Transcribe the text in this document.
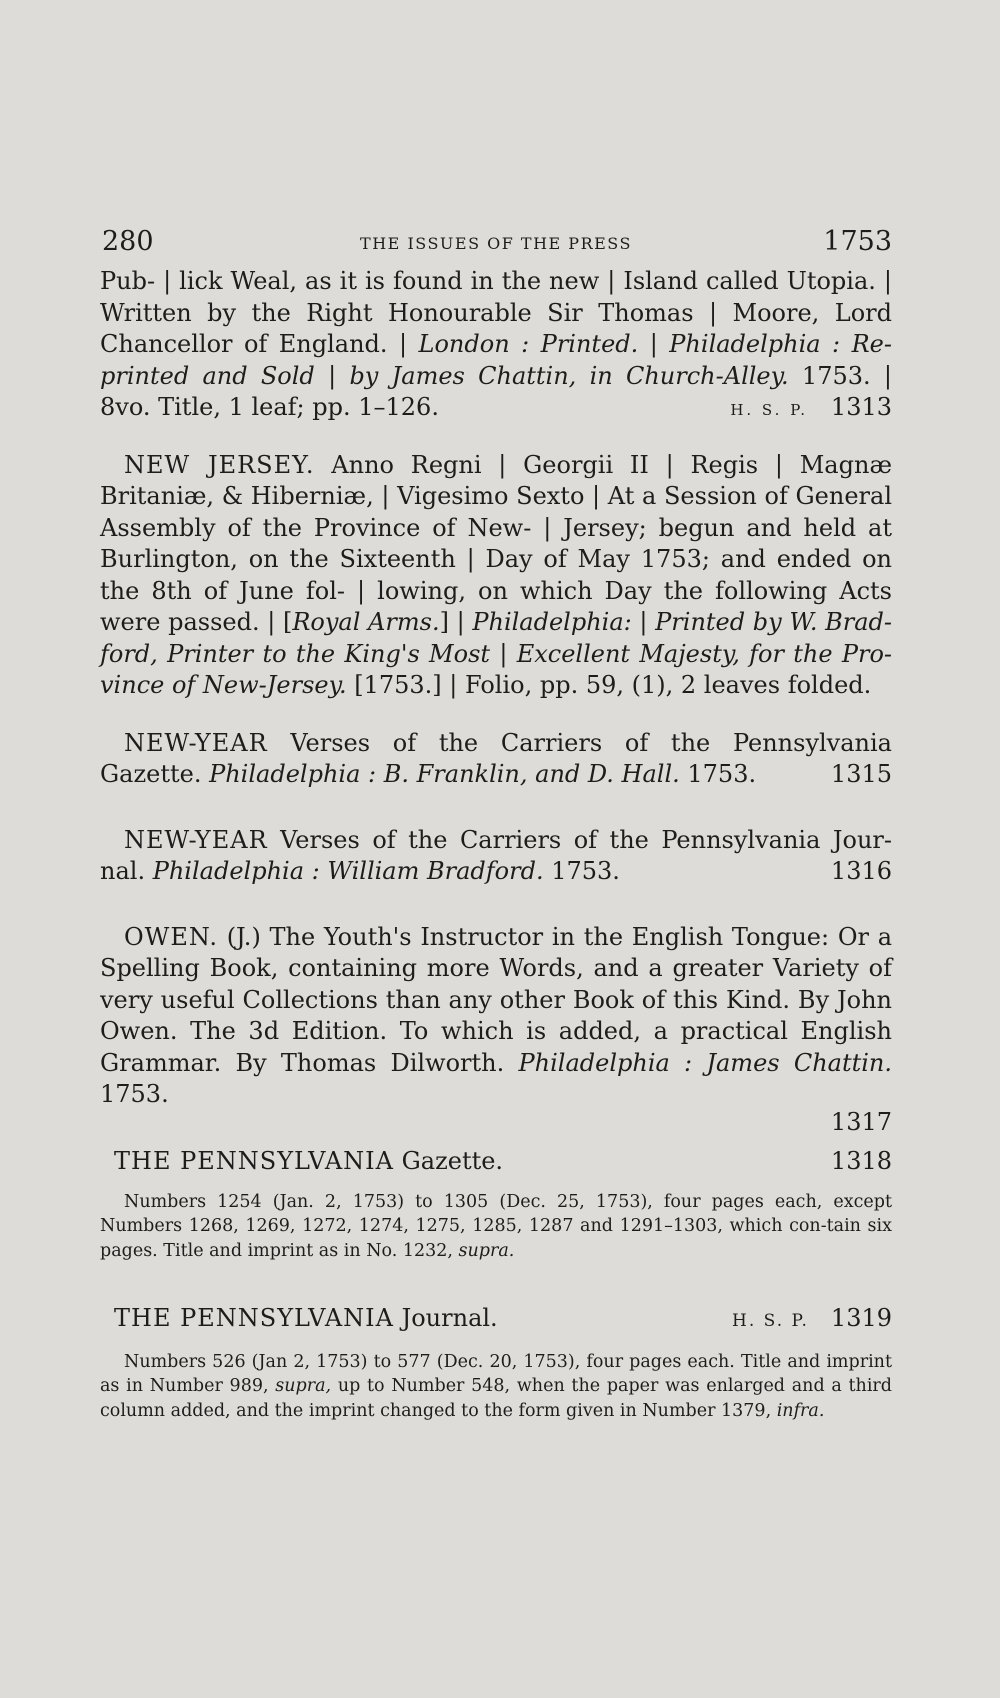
280	THE ISSUES OF THE PRESS	1753
Pub- | lick Weal, as it is found in the new | Island called Utopia. | Written by the Right Honourable Sir Thomas | Moore, Lord Chancellor of England. | London : Printed. | Philadelphia : Re-printed and Sold | by James Chattin, in Church-Alley. 1753. | 8vo. Title, 1 leaf; pp. 1–126.	H. S. P. 1313
NEW JERSEY. Anno Regni | Georgii II | Regis | Magnæ Britaniæ, & Hiberniæ, | Vigesimo Sexto | At a Session of General Assembly of the Province of New- | Jersey; begun and held at Burlington, on the Sixteenth | Day of May 1753; and ended on the 8th of June fol- | lowing, on which Day the following Acts were passed. | [Royal Arms.] | Philadelphia: | Printed by W. Brad-ford, Printer to the King's Most | Excellent Majesty, for the Pro-vince of New-Jersey. [1753.] | Folio, pp. 59, (1), 2 leaves folded.
NEW-YEAR Verses of the Carriers of the Pennsylvania Gazette. Philadelphia : B. Franklin, and D. Hall. 1753.	1315
NEW-YEAR Verses of the Carriers of the Pennsylvania Jour-nal. Philadelphia : William Bradford. 1753.	1316
OWEN. (J.) The Youth's Instructor in the English Tongue: Or a Spelling Book, containing more Words, and a greater Variety of very useful Collections than any other Book of this Kind. By John Owen. The 3d Edition. To which is added, a practical English Grammar. By Thomas Dilworth. Philadelphia : James Chattin. 1753.
1317
THE PENNSYLVANIA Gazette.	1318
Numbers 1254 (Jan. 2, 1753) to 1305 (Dec. 25, 1753), four pages each, except Numbers 1268, 1269, 1272, 1274, 1275, 1285, 1287 and 1291–1303, which con-tain six pages. Title and imprint as in No. 1232, supra.
THE PENNSYLVANIA Journal.	H. S. P. 1319
Numbers 526 (Jan 2, 1753) to 577 (Dec. 20, 1753), four pages each. Title and imprint as in Number 989, supra, up to Number 548, when the paper was enlarged and a third column added, and the imprint changed to the form given in Number 1379, infra.
